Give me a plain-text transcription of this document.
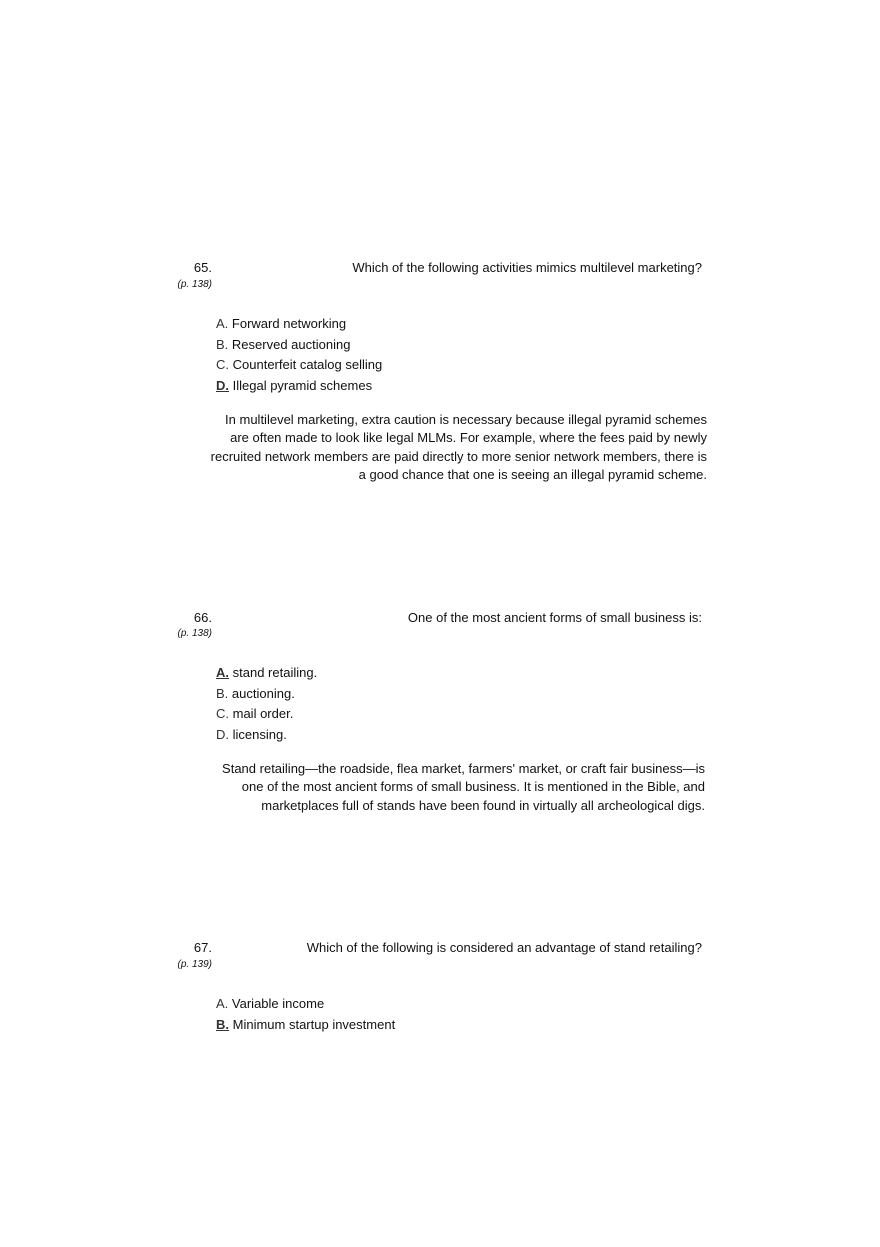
65.
(p. 138)
Which of the following activities mimics multilevel marketing?
A. Forward networking
B. Reserved auctioning
C. Counterfeit catalog selling
D. Illegal pyramid schemes
In multilevel marketing, extra caution is necessary because illegal pyramid schemes
are often made to look like legal MLMs. For example, where the fees paid by newly
recruited network members are paid directly to more senior network members, there is
a good chance that one is seeing an illegal pyramid scheme.
66.
(p. 138)
One of the most ancient forms of small business is:
A. stand retailing.
B. auctioning.
C. mail order.
D. licensing.
Stand retailing—the roadside, flea market, farmers' market, or craft fair business—is
one of the most ancient forms of small business. It is mentioned in the Bible, and
marketplaces full of stands have been found in virtually all archeological digs.
67.
(p. 139)
Which of the following is considered an advantage of stand retailing?
A. Variable income
B. Minimum startup investment
